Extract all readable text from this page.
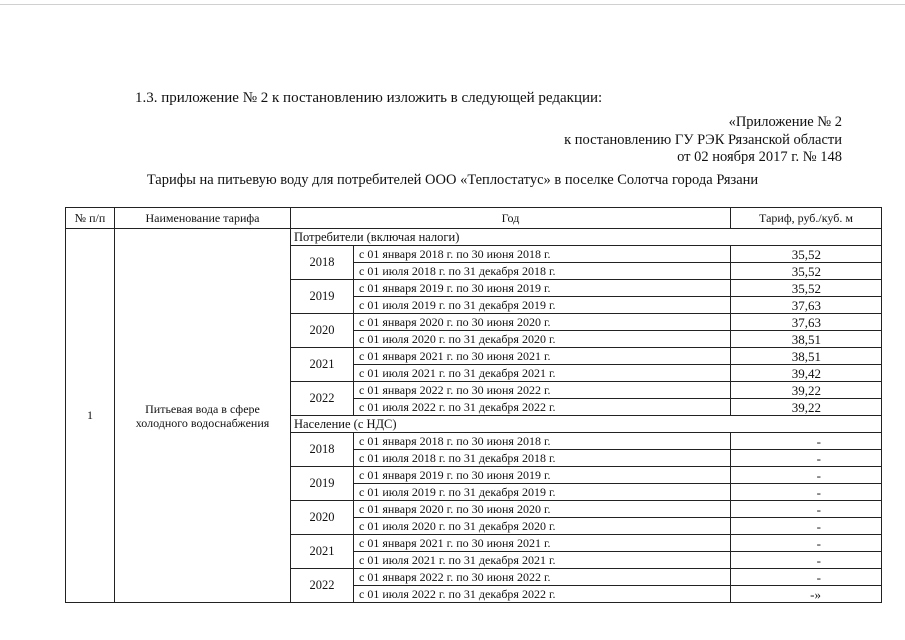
1.3. приложение № 2 к постановлению изложить в следующей редакции:
«Приложение № 2
к постановлению ГУ РЭК Рязанской области
от 02 ноября 2017 г. № 148
Тарифы на питьевую воду для потребителей ООО «Теплостатус» в поселке Солотча города Рязани
№ п/п	Наименование тарифа	Год		Тариф, руб./куб. м
1	Питьевая вода в сфере холодного водоснабжения	Потребители (включая налоги)		
		2018	с 01 января 2018 г. по 30 июня 2018 г.	35,52
			с 01 июля 2018 г. по 31 декабря 2018 г.	35,52
		2019	с 01 января 2019 г. по 30 июня 2019 г.	35,52
			с 01 июля 2019 г. по 31 декабря 2019 г.	37,63
		2020	с 01 января 2020 г. по 30 июня 2020 г.	37,63
			с 01 июля 2020 г. по 31 декабря 2020 г.	38,51
		2021	с 01 января 2021 г. по 30 июня 2021 г.	38,51
			с 01 июля 2021 г. по 31 декабря 2021 г.	39,42
		2022	с 01 января 2022 г. по 30 июня 2022 г.	39,22
			с 01 июля 2022 г. по 31 декабря 2022 г.	39,22
		Население (с НДС)		
		2018	с 01 января 2018 г. по 30 июня 2018 г.	-
			с 01 июля 2018 г. по 31 декабря 2018 г.	-
		2019	с 01 января 2019 г. по 30 июня 2019 г.	-
			с 01 июля 2019 г. по 31 декабря 2019 г.	-
		2020	с 01 января 2020 г. по 30 июня 2020 г.	-
			с 01 июля 2020 г. по 31 декабря 2020 г.	-
		2021	с 01 января 2021 г. по 30 июня 2021 г.	-
			с 01 июля 2021 г. по 31 декабря 2021 г.	-
		2022	с 01 января 2022 г. по 30 июня 2022 г.	-
			с 01 июля 2022 г. по 31 декабря 2022 г.	-»
